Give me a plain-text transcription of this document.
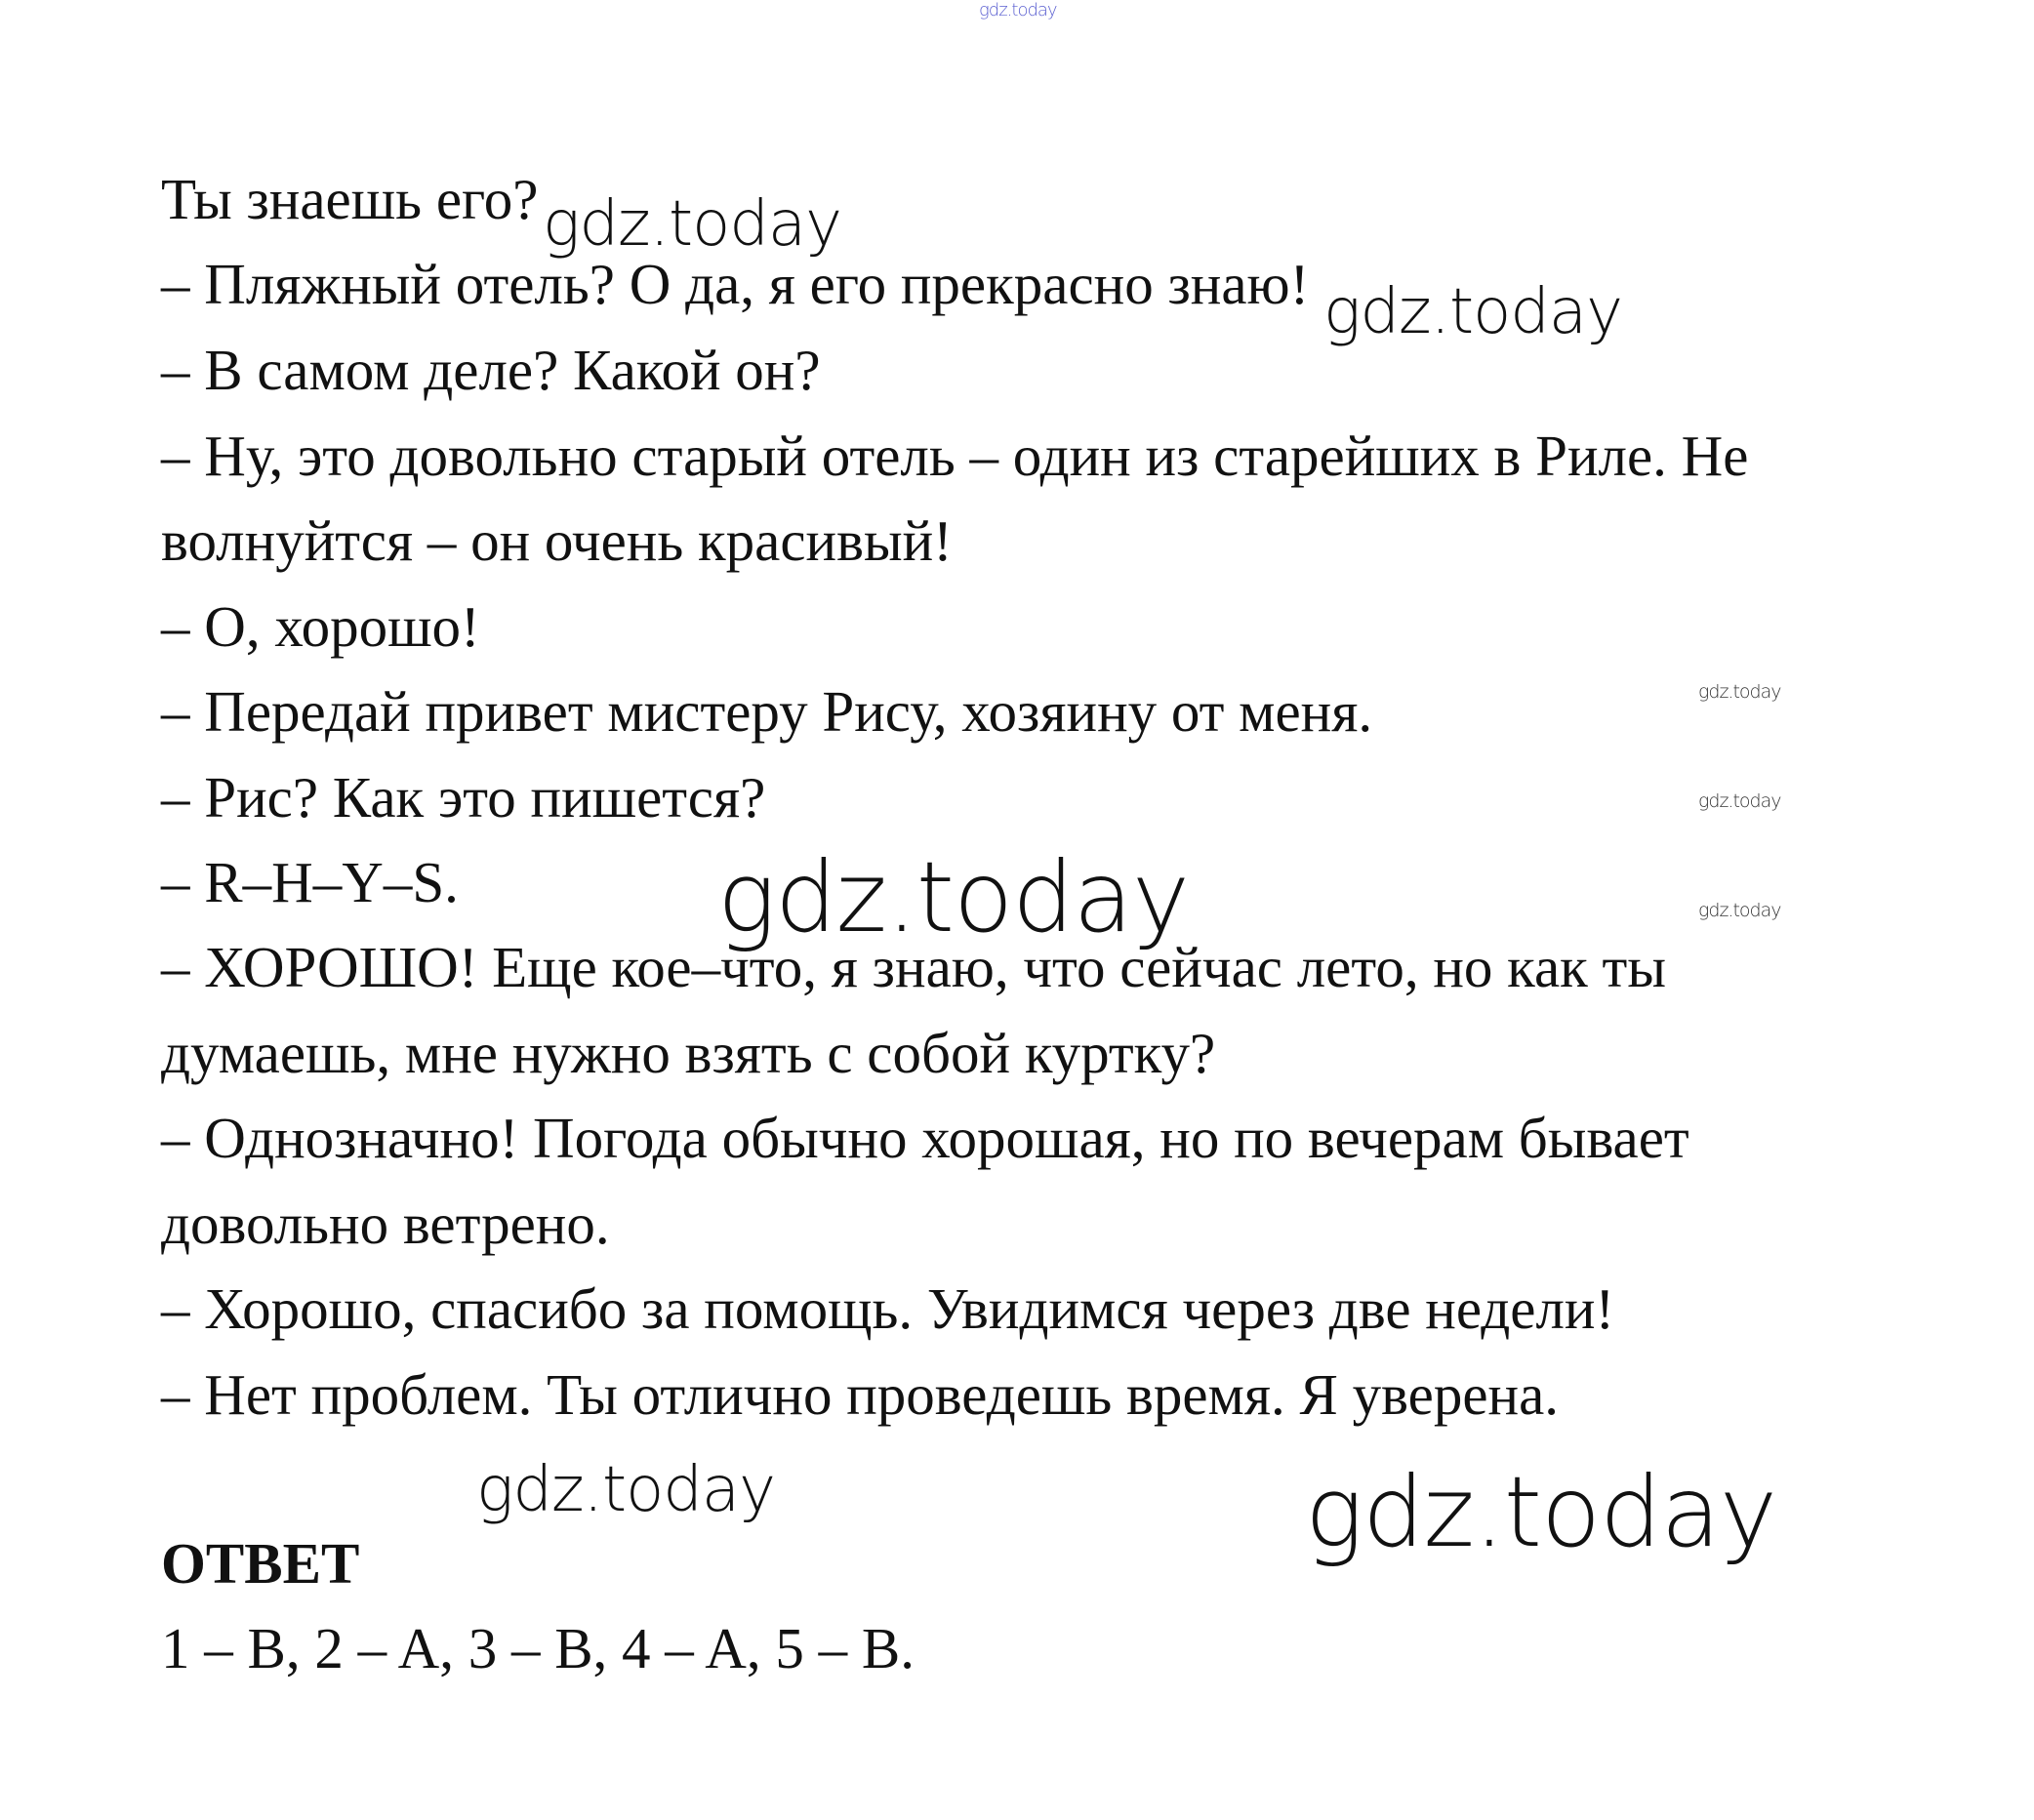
gdz.today
Ты знаешь его?
– Пляжный отель? О да, я его прекрасно знаю!
– В самом деле? Какой он?
– Ну, это довольно старый отель – один из старейших в Риле. Не
волнуйтся – он очень красивый!
– О, хорошо!
– Передай привет мистеру Рису, хозяину от меня.
– Рис? Как это пишется?
– R–H–Y–S.
– ХОРОШО! Еще кое–что, я знаю, что сейчас лето, но как ты
думаешь, мне нужно взять с собой куртку?
– Однозначно! Погода обычно хорошая, но по вечерам бывает
довольно ветрено.
– Хорошо, спасибо за помощь. Увидимся через две недели!
– Нет проблем. Ты отлично проведешь время. Я уверена.
ОТВЕТ
1 – B, 2 – A, 3 – B, 4 – A, 5 – B.
gdz.today
gdz.today
gdz.today
gdz.today
gdz.today
gdz.today
gdz.today	gdz.today
